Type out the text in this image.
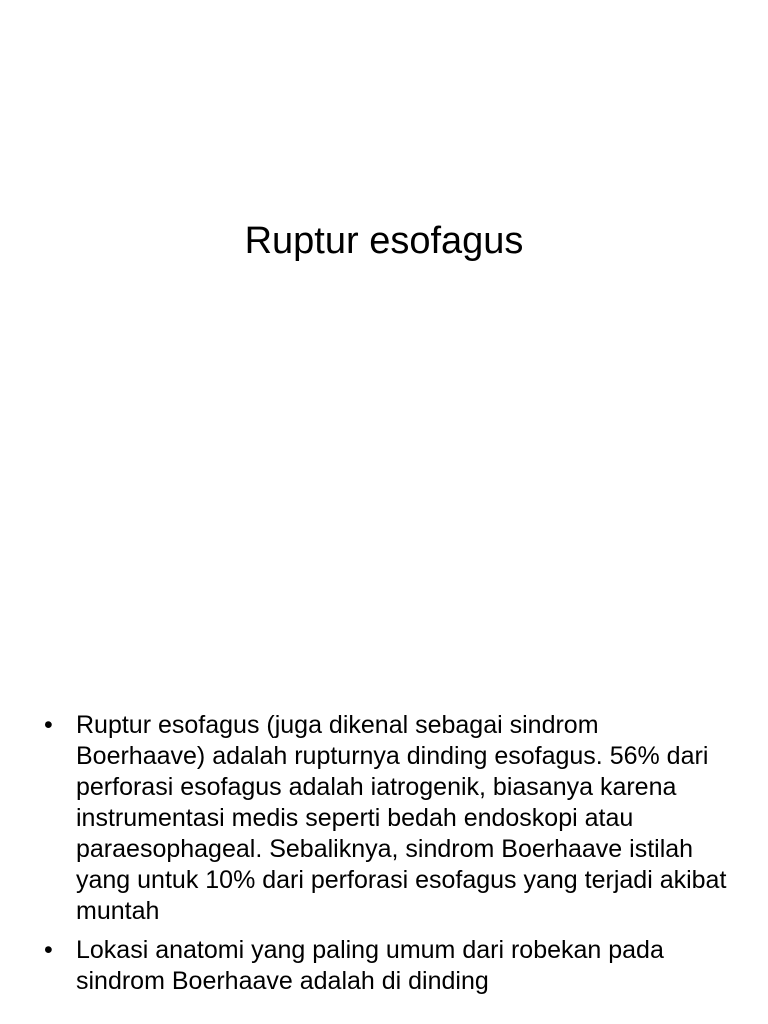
Ruptur esofagus
• Ruptur esofagus (juga dikenal sebagai sindrom Boerhaave) adalah rupturnya dinding esofagus. 56% dari perforasi esofagus adalah iatrogenik, biasanya karena instrumentasi medis seperti bedah endoskopi atau paraesophageal. Sebaliknya, sindrom Boerhaave istilah yang untuk 10% dari perforasi esofagus yang terjadi akibat muntah
• Lokasi anatomi yang paling umum dari robekan pada sindrom Boerhaave adalah di dinding
